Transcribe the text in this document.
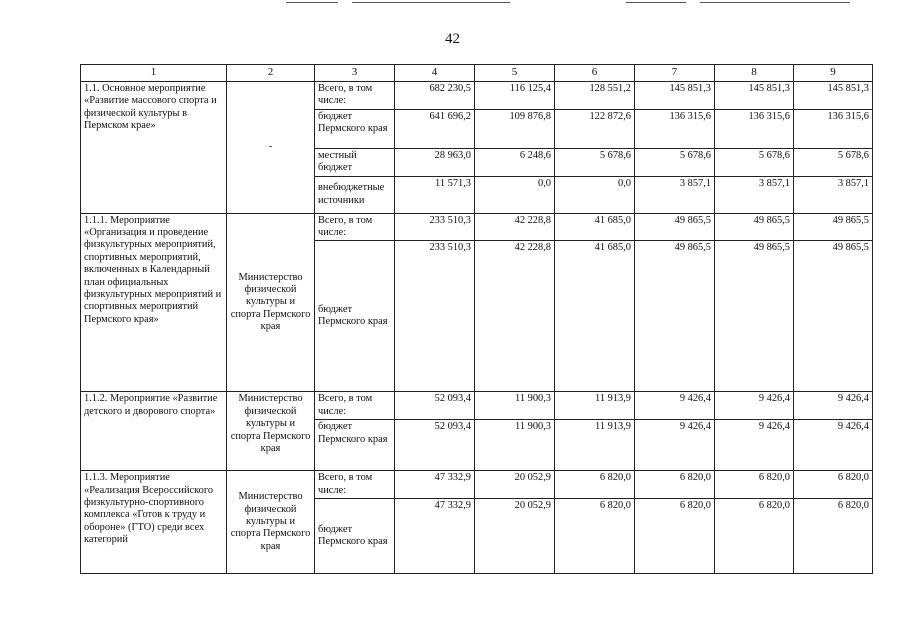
42
1	2	3	4	5	6	7	8	9
1.1. Основное мероприятие «Развитие массового спорта и физической культуры в Пермском крае»	-	Всего, в том числе:	682 230,5	116 125,4	128 551,2	145 851,3	145 851,3	145 851,3
		бюджет Пермского края	641 696,2	109 876,8	122 872,6	136 315,6	136 315,6	136 315,6
		местный бюджет	28 963,0	6 248,6	5 678,6	5 678,6	5 678,6	5 678,6
		внебюджетные источники	11 571,3	0,0	0,0	3 857,1	3 857,1	3 857,1
1.1.1. Мероприятие «Организация и проведение физкультурных мероприятий, спортивных мероприятий, включенных в Календарный план официальных физкультурных мероприятий и спортивных мероприятий Пермского края»	Министерство физической культуры и спорта Пермского края	Всего, в том числе:	233 510,3	42 228,8	41 685,0	49 865,5	49 865,5	49 865,5
		бюджет Пермского края	233 510,3	42 228,8	41 685,0	49 865,5	49 865,5	49 865,5
1.1.2. Мероприятие «Развитие детского и дворового спорта»	Министерство физической культуры и спорта Пермского края	Всего, в том числе:	52 093,4	11 900,3	11 913,9	9 426,4	9 426,4	9 426,4
		бюджет Пермского края	52 093,4	11 900,3	11 913,9	9 426,4	9 426,4	9 426,4
1.1.3. Мероприятие «Реализация Всероссийского физкультурно-спортивного комплекса «Готов к труду и обороне» (ГТО) среди всех категорий	Министерство физической культуры и спорта Пермского края	Всего, в том числе:	47 332,9	20 052,9	6 820,0	6 820,0	6 820,0	6 820,0
		бюджет Пермского края	47 332,9	20 052,9	6 820,0	6 820,0	6 820,0	6 820,0
